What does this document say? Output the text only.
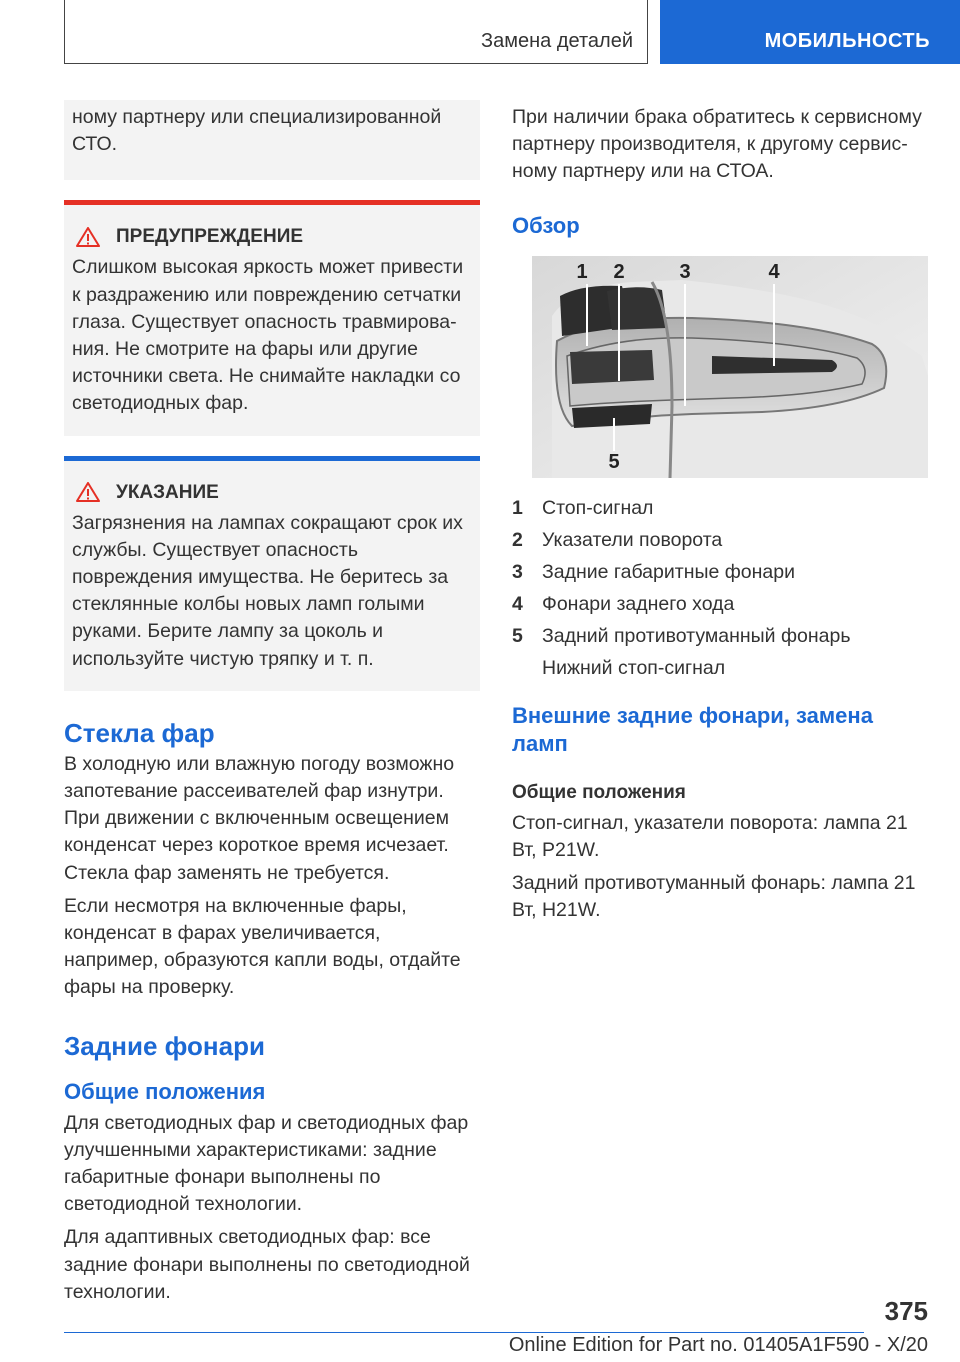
Замена деталей	МОБИЛЬНОСТЬ

ному партнеру или специализированной СТО.

ПРЕДУПРЕЖДЕНИЕ

Слишком высокая яркость может привести к раздражению или повреждению сетчатки глаза. Существует опасность травмирования. Не смотрите на фары или другие источники света. Не снимайте накладки со светодиодных фар.

УКАЗАНИЕ

Загрязнения на лампах сокращают срок их службы. Существует опасность повреждения имущества. Не беритесь за стеклянные колбы новых ламп голыми руками. Берите лампу за цоколь и используйте чистую тряпку и т. п.

Стекла фар

В холодную или влажную погоду возможно запотевание рассеивателей фар изнутри. При движении с включенным освещением конденсат через короткое время исчезает. Стекла фар заменять не требуется.

Если несмотря на включенные фары, конденсат в фарах увеличивается, например, образуются капли воды, отдайте фары на проверку.

Задние фонари
Общие положения

Для светодиодных фар и светодиодных фар улучшенными характеристиками: задние габаритные фонари выполнены по светодиодной технологии.

Для адаптивных светодиодных фар: все задние фонари выполнены по светодиодной технологии.

При наличии брака обратитесь к сервисному партнеру производителя, к другому сервисному партнеру или на СТОА.

Обзор
1 2	3	4
5
1 Стоп-сигнал
2 Указатели поворота
3 Задние габаритные фонари
4 Фонари заднего хода
5 Задний противотуманный фонарь
Нижний стоп-сигнал
Внешние задние фонари, замена ламп
Общие положения

Стоп-сигнал, указатели поворота: лампа 21 Вт, P21W.

Задний противотуманный фонарь: лампа 21 Вт, H21W.

375
Online Edition for Part no. 01405A1F590 - X/20
